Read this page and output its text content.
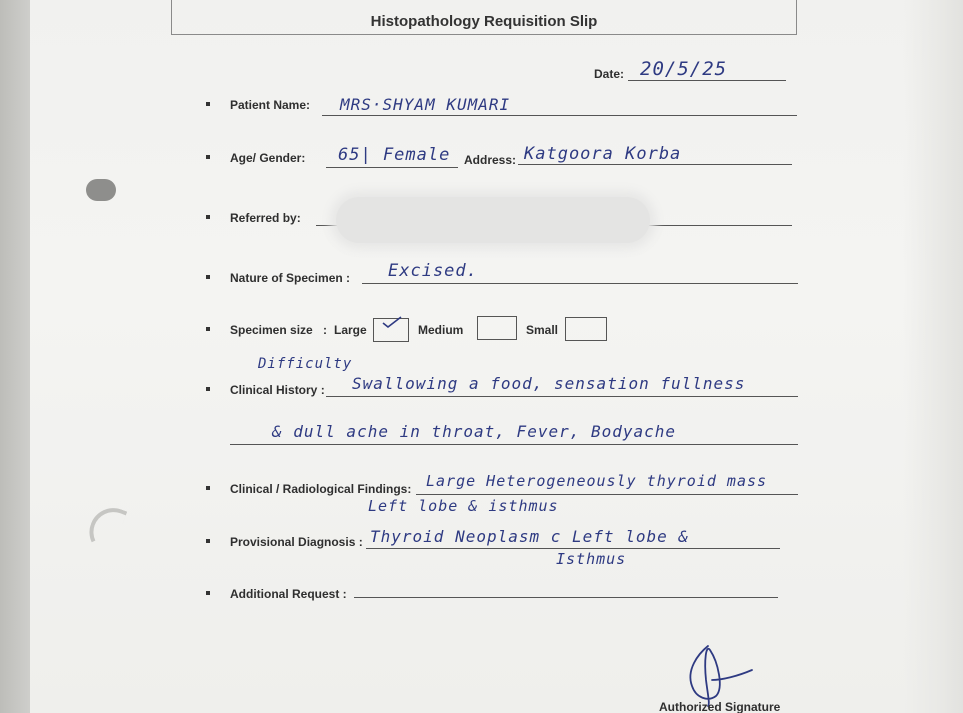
Histopathology Requisition Slip
Date: 20/5/25
Patient Name: MRS·SHYAM KUMARI
Age/ Gender: 65| Female Address: Katgoora Korba
Referred by:
Nature of Specimen : Excised.
Specimen size : Large	Medium	Small
Difficulty
Clinical History : Swallowing a food, sensation fullness
& dull ache in throat, Fever, Bodyache
Clinical / Radiological Findings: Large Heterogeneously thyroid mass
Left lobe & isthmus
Provisional Diagnosis : Thyroid Neoplasm c Left lobe &
Isthmus
Additional Request :
Authorized Signature
